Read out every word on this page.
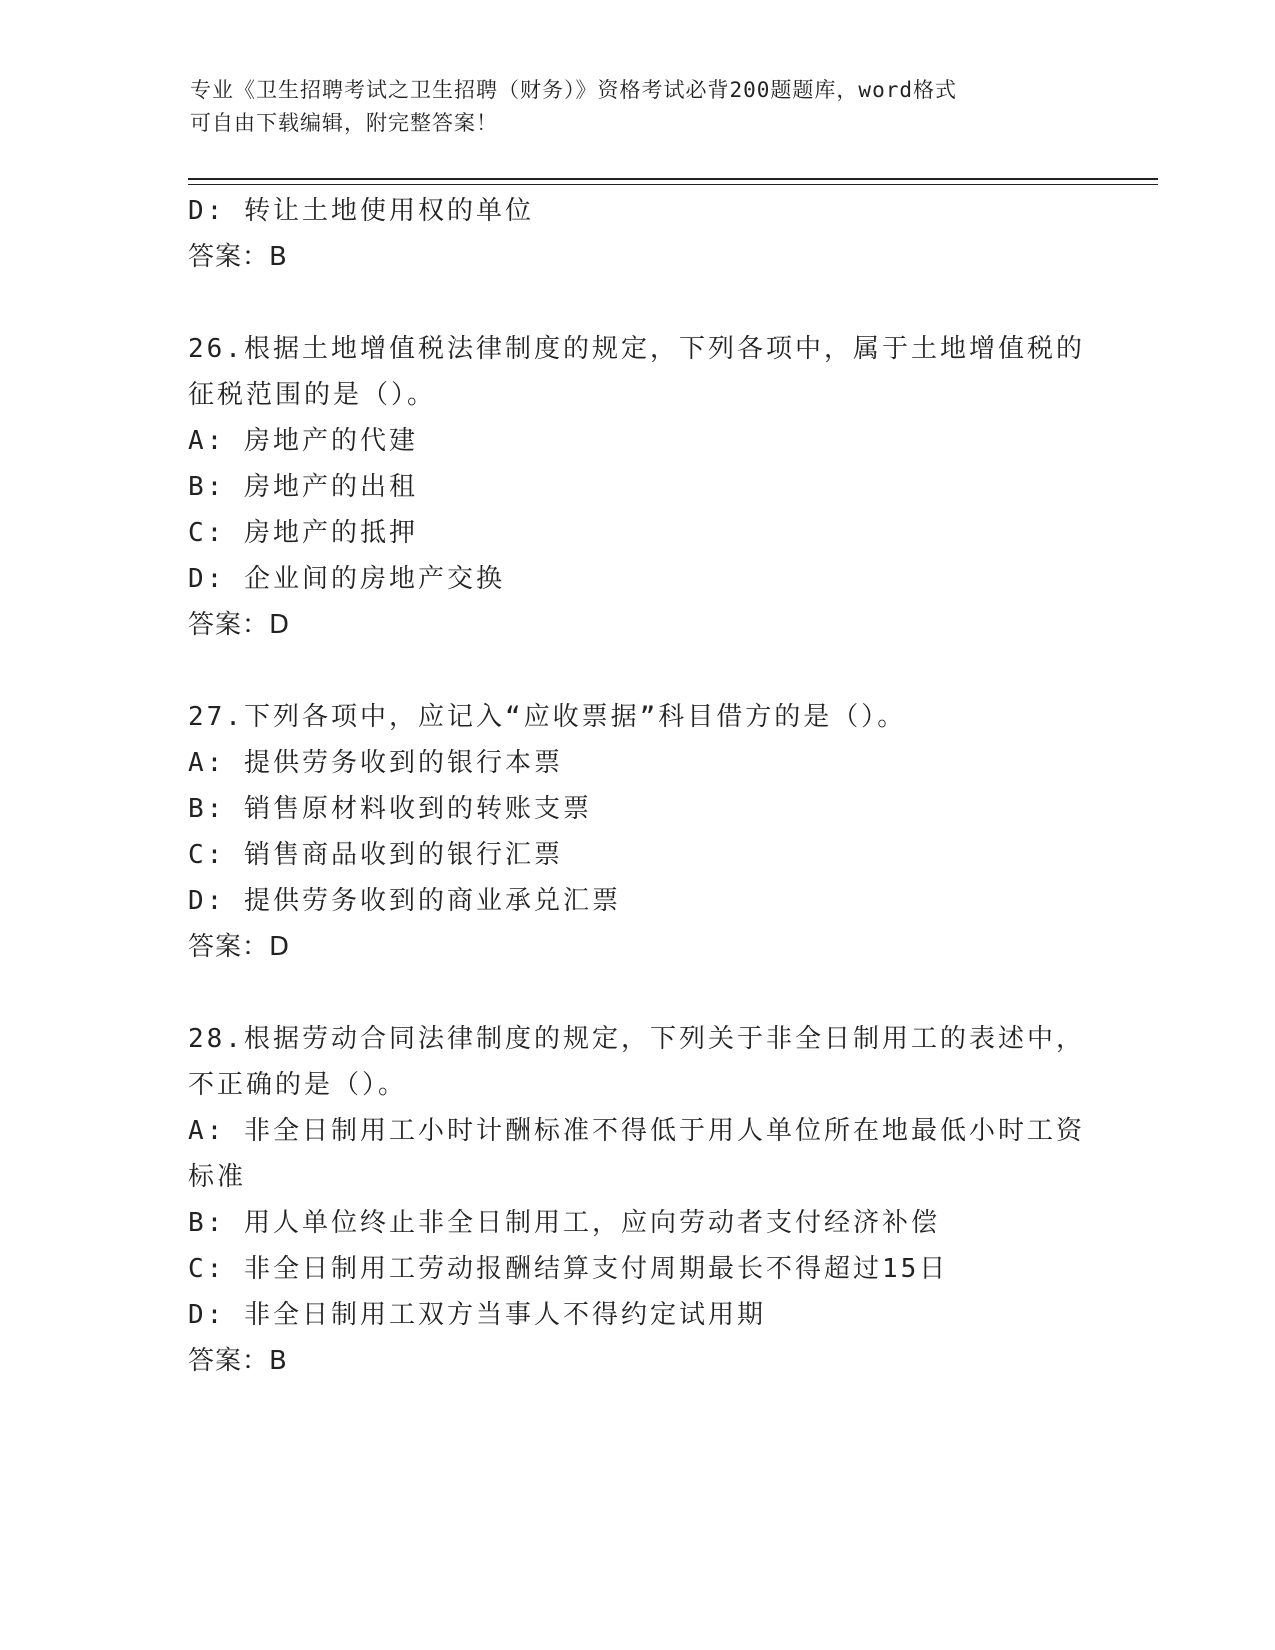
专业《卫生招聘考试之卫生招聘（财务）》资格考试必背200题题库，word格式
可自由下载编辑，附完整答案！
D: 转让土地使用权的单位
答案：B
26.根据土地增值税法律制度的规定，下列各项中，属于土地增值税的
征税范围的是（）。
A: 房地产的代建
B: 房地产的出租
C: 房地产的抵押
D: 企业间的房地产交换
答案：D
27.下列各项中，应记入“应收票据”科目借方的是（）。
A: 提供劳务收到的银行本票
B: 销售原材料收到的转账支票
C: 销售商品收到的银行汇票
D: 提供劳务收到的商业承兑汇票
答案：D
28.根据劳动合同法律制度的规定，下列关于非全日制用工的表述中，
不正确的是（）。
A: 非全日制用工小时计酬标准不得低于用人单位所在地最低小时工资
标准
B: 用人单位终止非全日制用工，应向劳动者支付经济补偿
C: 非全日制用工劳动报酬结算支付周期最长不得超过15日
D: 非全日制用工双方当事人不得约定试用期
答案：B
